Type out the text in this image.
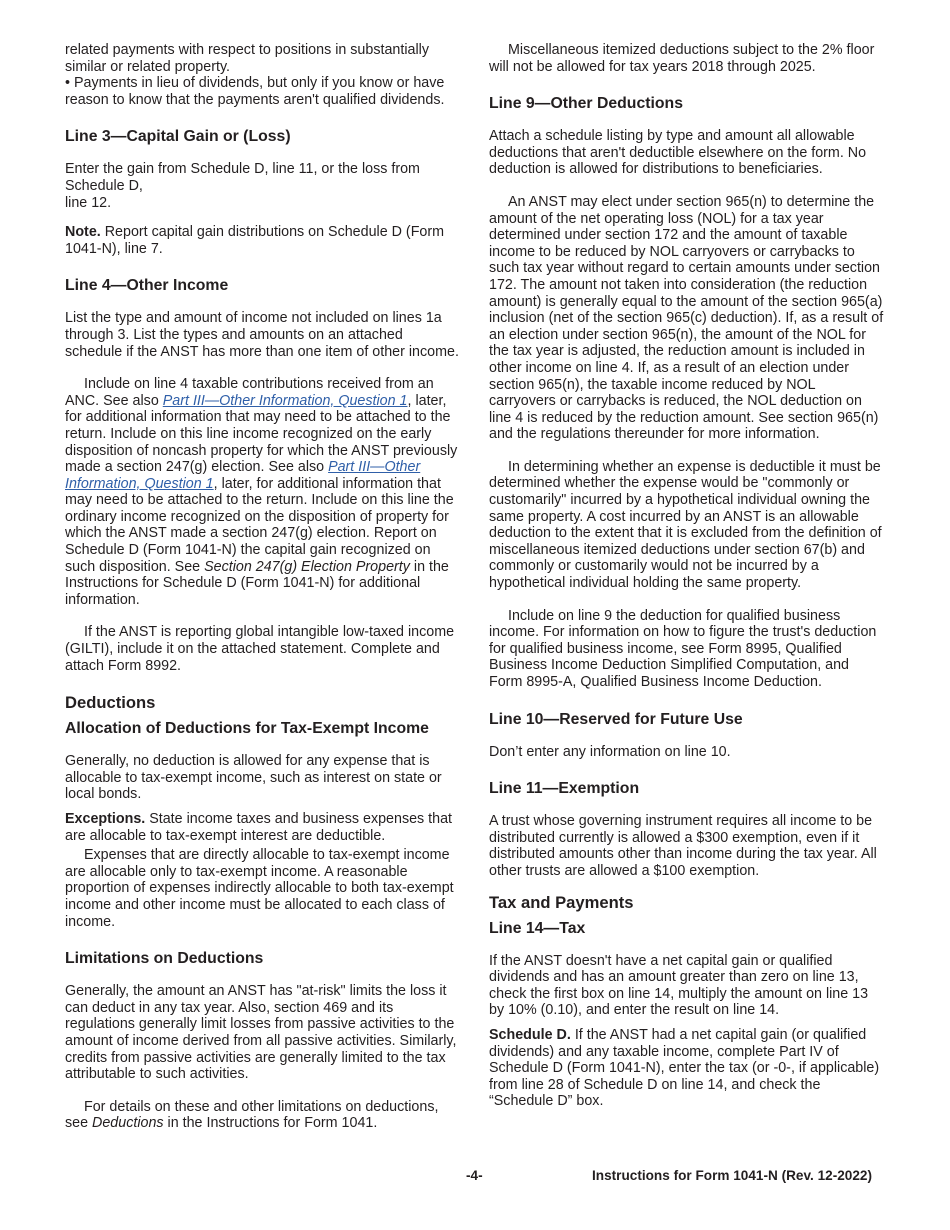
related payments with respect to positions in substantially similar or related property.

• Payments in lieu of dividends, but only if you know or have reason to know that the payments aren't qualified dividends.

Line 3—Capital Gain or (Loss)

Enter the gain from Schedule D, line 11, or the loss from Schedule D,

line 12.

Note. Report capital gain distributions on Schedule D (Form 1041-N), line 7.

Line 4—Other Income

List the type and amount of income not included on lines 1a through 3. List the types and amounts on an attached schedule if the ANST has more than one item of other income.

Include on line 4 taxable contributions received from an ANC. See also Part III—Other Information, Question 1, later, for additional information that may need to be attached to the return. Include on this line income recognized on the early disposition of noncash property for which the ANST previously made a section 247(g) election. See also Part III—Other Information, Question 1, later, for additional information that may need to be attached to the return. Include on this line the ordinary income recognized on the disposition of property for which the ANST made a section 247(g) election. Report on Schedule D (Form 1041-N) the capital gain recognized on such disposition. See Section 247(g) Election Property in the Instructions for Schedule D (Form 1041-N) for additional information.

If the ANST is reporting global intangible low-taxed income (GILTI), include it on the attached statement. Complete and attach Form 8992.

Deductions

Allocation of Deductions for Tax-Exempt Income

Generally, no deduction is allowed for any expense that is allocable to tax-exempt income, such as interest on state or local bonds.

Exceptions. State income taxes and business expenses that are allocable to tax-exempt interest are deductible.

Expenses that are directly allocable to tax-exempt income are allocable only to tax-exempt income. A reasonable proportion of expenses indirectly allocable to both tax-exempt income and other income must be allocated to each class of income.

Limitations on Deductions

Generally, the amount an ANST has "at-risk" limits the loss it can deduct in any tax year. Also, section 469 and its regulations generally limit losses from passive activities to the amount of income derived from all passive activities. Similarly, credits from passive activities are generally limited to the tax attributable to such activities.

For details on these and other limitations on deductions, see Deductions in the Instructions for Form 1041.

Miscellaneous itemized deductions subject to the 2% floor will not be allowed for tax years 2018 through 2025.

Line 9—Other Deductions

Attach a schedule listing by type and amount all allowable deductions that aren't deductible elsewhere on the form. No deduction is allowed for distributions to beneficiaries.

An ANST may elect under section 965(n) to determine the amount of the net operating loss (NOL) for a tax year determined under section 172 and the amount of taxable income to be reduced by NOL carryovers or carrybacks to such tax year without regard to certain amounts under section 172. The amount not taken into consideration (the reduction amount) is generally equal to the amount of the section 965(a) inclusion (net of the section 965(c) deduction). If, as a result of an election under section 965(n), the amount of the NOL for the tax year is adjusted, the reduction amount is included in other income on line 4. If, as a result of an election under section 965(n), the taxable income reduced by NOL carryovers or carrybacks is reduced, the NOL deduction on line 4 is reduced by the reduction amount. See section 965(n) and the regulations thereunder for more information.

In determining whether an expense is deductible it must be determined whether the expense would be "commonly or customarily" incurred by a hypothetical individual owning the same property. A cost incurred by an ANST is an allowable deduction to the extent that it is excluded from the definition of miscellaneous itemized deductions under section 67(b) and commonly or customarily would not be incurred by a hypothetical individual holding the same property.

Include on line 9 the deduction for qualified business income. For information on how to figure the trust's deduction for qualified business income, see Form 8995, Qualified Business Income Deduction Simplified Computation, and Form 8995-A, Qualified Business Income Deduction.

Line 10—Reserved for Future Use

Don’t enter any information on line 10.

Line 11—Exemption

A trust whose governing instrument requires all income to be distributed currently is allowed a $300 exemption, even if it distributed amounts other than income during the tax year. All other trusts are allowed a $100 exemption.

Tax and Payments

Line 14—Tax

If the ANST doesn't have a net capital gain or qualified dividends and has an amount greater than zero on line 13, check the first box on line 14, multiply the amount on line 13 by 10% (0.10), and enter the result on line 14.

Schedule D. If the ANST had a net capital gain (or qualified dividends) and any taxable income, complete Part IV of Schedule D (Form 1041-N), enter the tax (or -0-, if applicable) from line 28 of Schedule D on line 14, and check the “Schedule D” box.

-4-	Instructions for Form 1041-N (Rev. 12-2022)
